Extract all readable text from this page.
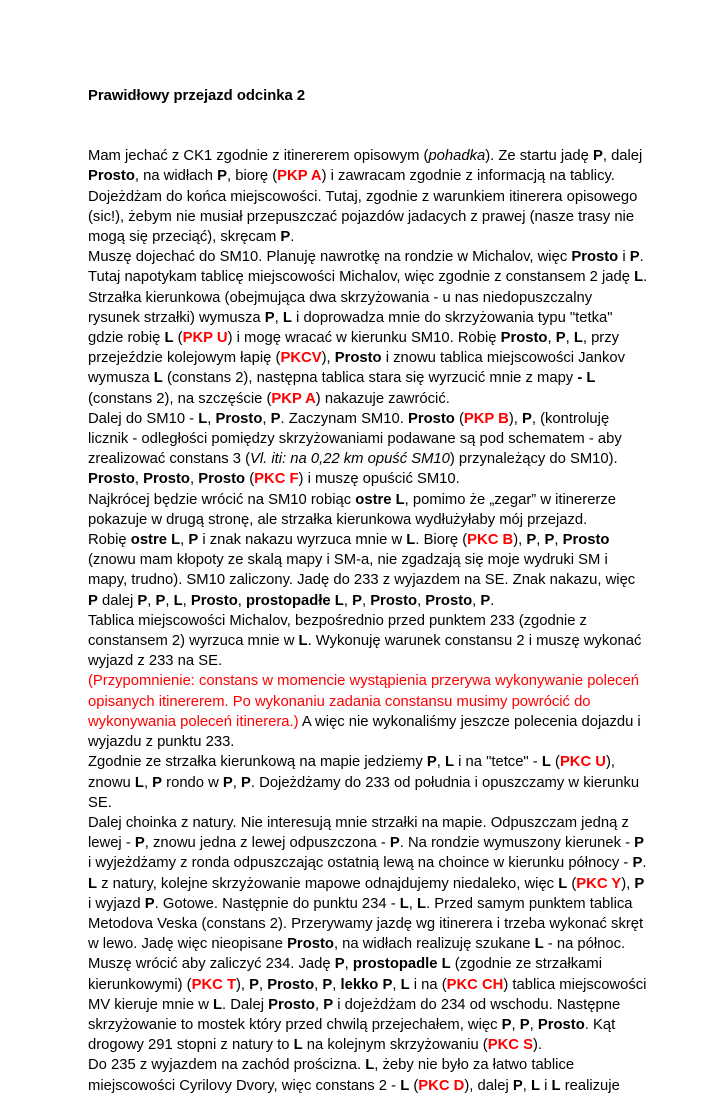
Prawidłowy przejazd odcinka 2

Mam jechać z CK1 zgodnie z itinererem opisowym (pohadka). Ze startu jadę P, dalej Prosto, na widłach P, biorę (PKP A) i zawracam zgodnie z informacją na tablicy. Dojeżdżam do końca miejscowości. Tutaj, zgodnie z warunkiem itinerera opisowego (sic!), żebym nie musiał przepuszczać pojazdów jadacych z prawej (nasze trasy nie mogą się przeciąć), skręcam P.

Muszę dojechać do SM10. Planuję nawrotkę na rondzie w Michalov, więc Prosto i P. Tutaj napotykam tablicę miejscowości Michalov, więc zgodnie z constansem 2 jadę L. Strzałka kierunkowa (obejmująca dwa skrzyżowania - u nas niedopuszczalny rysunek strzałki) wymusza P, L i doprowadza mnie do skrzyżowania typu "tetka" gdzie robię L (PKP U) i mogę wracać w kierunku SM10. Robię Prosto, P, L, przy przejeździe kolejowym łapię (PKCV), Prosto i znowu tablica miejscowości Jankov wymusza L (constans 2), następna tablica stara się wyrzucić mnie z mapy - L (constans 2), na szczęście (PKP A) nakazuje zawrócić.

Dalej do SM10 - L, Prosto, P. Zaczynam SM10. Prosto (PKP B), P, (kontroluję licznik - odległości pomiędzy skrzyżowaniami podawane są pod schematem - aby zrealizować constans 3 (Vl. iti: na 0,22 km opuść SM10) przynależący do SM10). Prosto, Prosto, Prosto (PKC F) i muszę opuścić SM10.

Najkrócej będzie wrócić na SM10 robiąc ostre L, pomimo że „zegar” w itinererze pokazuje w drugą stronę, ale strzałka kierunkowa wydłużyłaby mój przejazd.

Robię ostre L, P i znak nakazu wyrzuca mnie w L. Biorę (PKC B), P, P, Prosto (znowu mam kłopoty ze skalą mapy i SM-a, nie zgadzają się moje wydruki SM i mapy, trudno). SM10 zaliczony. Jadę do 233 z wyjazdem na SE. Znak nakazu, więc P dalej P, P, L, Prosto, prostopadłe L, P, Prosto, Prosto, P.

Tablica miejscowości Michalov, bezpośrednio przed punktem 233 (zgodnie z constansem 2) wyrzuca mnie w L. Wykonuję warunek constansu 2 i muszę wykonać wyjazd z 233 na SE.

(Przypomnienie: constans w momencie wystąpienia przerywa wykonywanie poleceń opisanych itinererem. Po wykonaniu zadania constansu musimy powrócić do wykonywania poleceń itinerera.) A więc nie wykonaliśmy jeszcze polecenia dojazdu i wyjazdu z punktu 233.

Zgodnie ze strzałka kierunkową na mapie jedziemy P, L i na "tetce" - L (PKC U), znowu L, P rondo w P, P. Dojeżdżamy do 233 od południa i opuszczamy w kierunku SE.

Dalej choinka z natury. Nie interesują mnie strzałki na mapie. Odpuszczam jedną z lewej - P, znowu jedna z lewej odpuszczona - P. Na rondzie wymuszony kierunek - P i wyjeżdżamy z ronda odpuszczając ostatnią lewą na choince w kierunku północy - P. L z natury, kolejne skrzyżowanie mapowe odnajdujemy niedaleko, więc L (PKC Y), P i wyjazd P. Gotowe. Następnie do punktu 234 - L, L. Przed samym punktem tablica Metodova Veska (constans 2). Przerywamy jazdę wg itinerera i trzeba wykonać skręt w lewo. Jadę więc nieopisane Prosto, na widłach realizuję szukane L - na północ. Muszę wrócić aby zaliczyć 234. Jadę P, prostopadle L (zgodnie ze strzałkami kierunkowymi) (PKC T), P, Prosto, P, lekko P, L i na (PKC CH) tablica miejscowości MV kieruje mnie w L. Dalej Prosto, P i dojeżdżam do 234 od wschodu. Następne skrzyżowanie to mostek który przed chwilą przejechałem, więc P, P, Prosto. Kąt drogowy 291 stopni z natury to L na kolejnym skrzyżowaniu (PKC S).

Do 235 z wyjazdem na zachód prościzna. L, żeby nie było za łatwo tablice miejscowości Cyrilovy Dvory, więc constans 2 - L (PKC D), dalej P, L i L realizuje
